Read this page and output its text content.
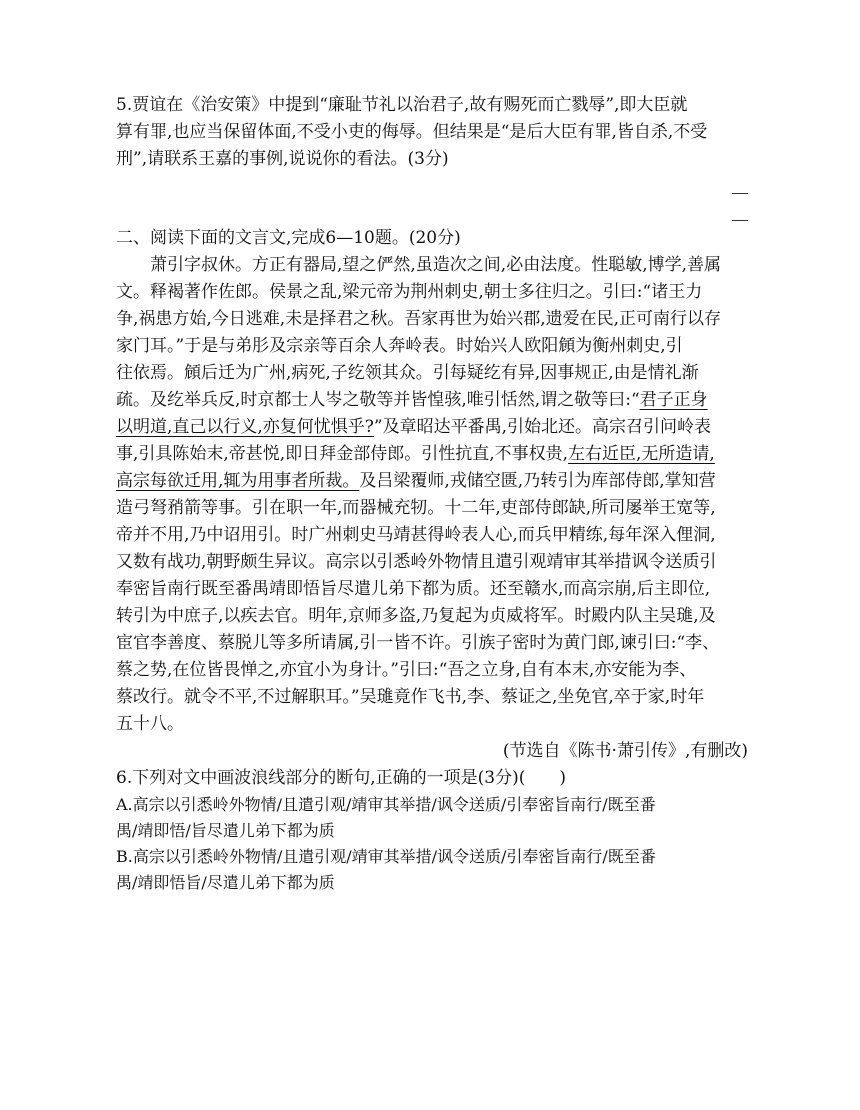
5.贾谊在《治安策》中提到“廉耻节礼以治君子,故有赐死而亡戮辱”,即大臣就
算有罪,也应当保留体面,不受小吏的侮辱。但结果是“是后大臣有罪,皆自杀,不受
刑”,请联系王嘉的事例,说说你的看法。(3分)
二、阅读下面的文言文,完成6—10题。(20分)
萧引字叔休。方正有器局,望之俨然,虽造次之间,必由法度。性聪敏,博学,善属
文。释褐著作佐郎。侯景之乱,梁元帝为荆州刺史,朝士多往归之。引曰:“诸王力
争,祸患方始,今日逃难,未是择君之秋。吾家再世为始兴郡,遗爱在民,正可南行以存
家门耳。”于是与弟肜及宗亲等百余人奔岭表。时始兴人欧阳頠为衡州刺史,引
往依焉。頠后迁为广州,病死,子纥领其众。引每疑纥有异,因事规正,由是情礼渐
疏。及纥举兵反,时京都士人岑之敬等并皆惶骇,唯引恬然,谓之敬等曰:“君子正身
以明道,直己以行义,亦复何忧惧乎?”及章昭达平番禺,引始北还。高宗召引问岭表
事,引具陈始末,帝甚悦,即日拜金部侍郎。引性抗直,不事权贵,左右近臣,无所造请,
高宗每欲迁用,辄为用事者所裁。及吕梁覆师,戎储空匮,乃转引为库部侍郎,掌知营
造弓弩矟箭等事。引在职一年,而器械充牣。十二年,吏部侍郎缺,所司屡举王宽等,
帝并不用,乃中诏用引。时广州刺史马靖甚得岭表人心,而兵甲精练,每年深入俚洞,
又数有战功,朝野颇生异议。高宗以引悉岭外物情且遣引观靖审其举措讽令送质引
奉密旨南行既至番禺靖即悟旨尽遣儿弟下都为质。还至赣水,而高宗崩,后主即位,
转引为中庶子,以疾去官。明年,京师多盗,乃复起为贞威将军。时殿内队主吴璡,及
宦官李善度、蔡脱儿等多所请属,引一皆不许。引族子密时为黄门郎,谏引曰:“李、
蔡之势,在位皆畏惮之,亦宜小为身计。”引曰:“吾之立身,自有本末,亦安能为李、
蔡改行。就令不平,不过解职耳。”吴璡竟作飞书,李、蔡证之,坐免官,卒于家,时年
五十八。
(节选自《陈书·萧引传》,有删改)
6.下列对文中画波浪线部分的断句,正确的一项是(3分)(　　)
A.高宗以引悉岭外物情/且遣引观/靖审其举措/讽令送质/引奉密旨南行/既至番
禺/靖即悟/旨尽遣儿弟下都为质
B.高宗以引悉岭外物情/且遣引观/靖审其举措/讽令送质/引奉密旨南行/既至番
禺/靖即悟旨/尽遣儿弟下都为质
